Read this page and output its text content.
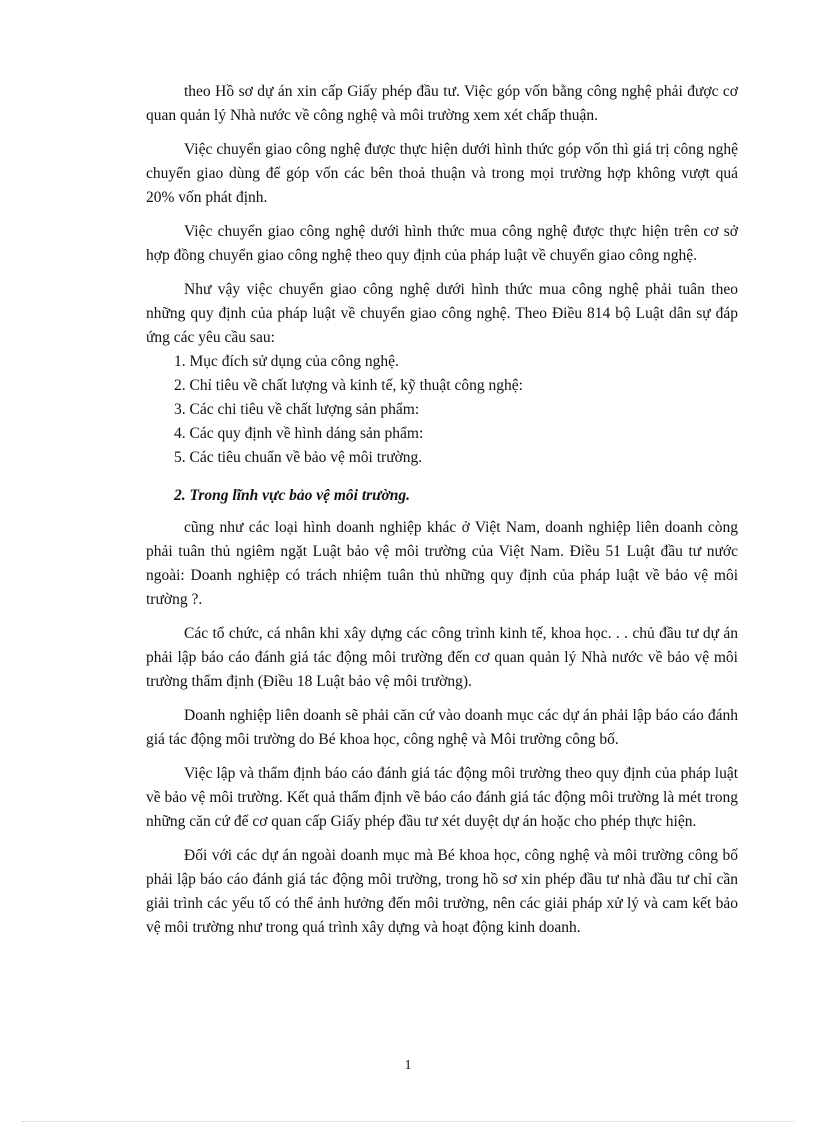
theo Hồ sơ dự án xin cấp Giấy phép đầu tư. Việc góp vốn bằng công nghệ phải được cơ quan quản lý Nhà nước về công nghệ và môi trường xem xét chấp thuận.

Việc chuyển giao công nghệ được thực hiện dưới hình thức góp vốn thì giá trị công nghệ chuyển giao dùng để góp vốn các bên thoả thuận và trong mọi trường hợp không vượt quá 20% vốn phát định.

Việc chuyển giao công nghệ dưới hình thức mua công nghệ được thực hiện trên cơ sở hợp đồng chuyển giao công nghệ theo quy định của pháp luật về chuyển giao công nghệ.

Như vậy việc chuyển giao công nghệ dưới hình thức mua công nghệ phải tuân theo những quy định của pháp luật về chuyển giao công nghệ. Theo Điều 814 bộ Luật dân sự đáp ứng các yêu cầu sau:

1. Mục đích sử dụng của công nghệ.
2. Chỉ tiêu về chất lượng và kinh tế, kỹ thuật công nghệ:
3. Các chi tiêu về chất lượng sản phẩm:
4. Các quy định về hình dáng sản phẩm:
5. Các tiêu chuẩn về bảo vệ môi trường.
2. Trong lĩnh vực bảo vệ môi trường.

cũng như các loại hình doanh nghiệp khác ở Việt Nam, doanh nghiệp liên doanh còng phải tuân thủ ngiêm ngặt Luật bảo vệ môi trường của Việt Nam. Điều 51 Luật đầu tư nước ngoài: Doanh nghiệp có trách nhiệm tuân thủ những quy định của pháp luật về bảo vệ môi trường ?.

Các tổ chức, cá nhân khi xây dựng các công trình kinh tế, khoa học. . . chủ đầu tư dự án phải lập báo cáo đánh giá tác động môi trường đến cơ quan quản lý Nhà nước về bảo vệ môi trường thẩm định (Điều 18 Luật bảo vệ môi trường).

Doanh nghiệp liên doanh sẽ phải căn cứ vào doanh mục các dự án phải lập báo cáo đánh giá tác động môi trường do Bé khoa học, công nghệ và Môi trường công bố.

Việc lập và thẩm định báo cáo đánh giá tác động môi trường theo quy định của pháp luật về bảo vệ môi trường. Kết quả thẩm định về báo cáo đánh giá tác động môi trường là mét trong những căn cứ để cơ quan cấp Giấy phép đầu tư xét duyệt dự án hoặc cho phép thực hiện.

Đối với các dự án ngoài doanh mục mà Bé khoa học, công nghệ và môi trường công bố phải lập báo cáo đánh giá tác động môi trường, trong hồ sơ xin phép đầu tư nhà đầu tư chỉ cần giải trình các yếu tố có thể ảnh hưởng đến môi trường, nên các giải pháp xử lý và cam kết bảo vệ môi trường như trong quá trình xây dựng và hoạt động kinh doanh.

1
